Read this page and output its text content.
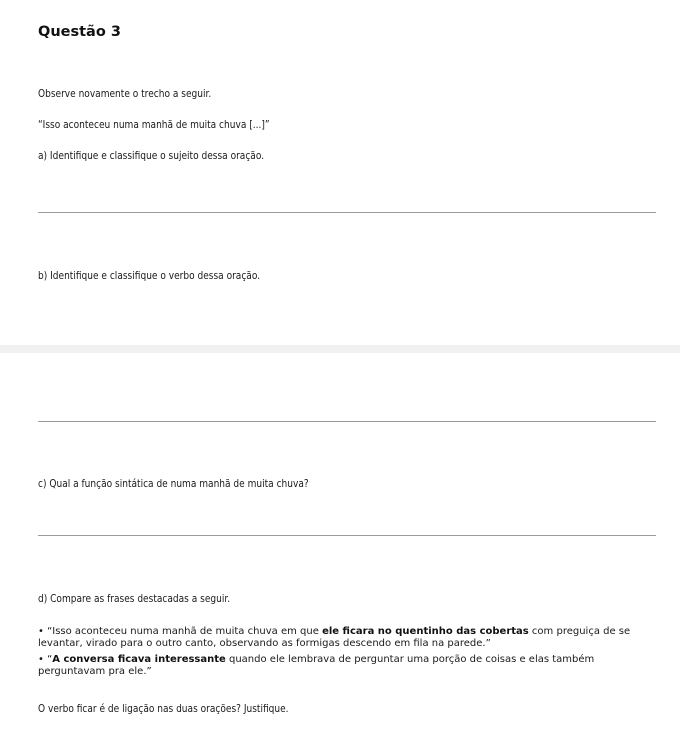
Questão 3
Observe novamente o trecho a seguir.
“Isso aconteceu numa manhã de muita chuva [...]”
a) Identifique e classifique o sujeito dessa oração.
b) Identifique e classifique o verbo dessa oração.
c) Qual a função sintática de numa manhã de muita chuva?
d) Compare as frases destacadas a seguir.
• “Isso aconteceu numa manhã de muita chuva em que ele ficara no quentinho das cobertas com preguiça de se levantar, virado para o outro canto, observando as formigas descendo em fila na parede.”
• “A conversa ficava interessante quando ele lembrava de perguntar uma porção de coisas e elas também perguntavam pra ele.”
O verbo ficar é de ligação nas duas orações? Justifique.
